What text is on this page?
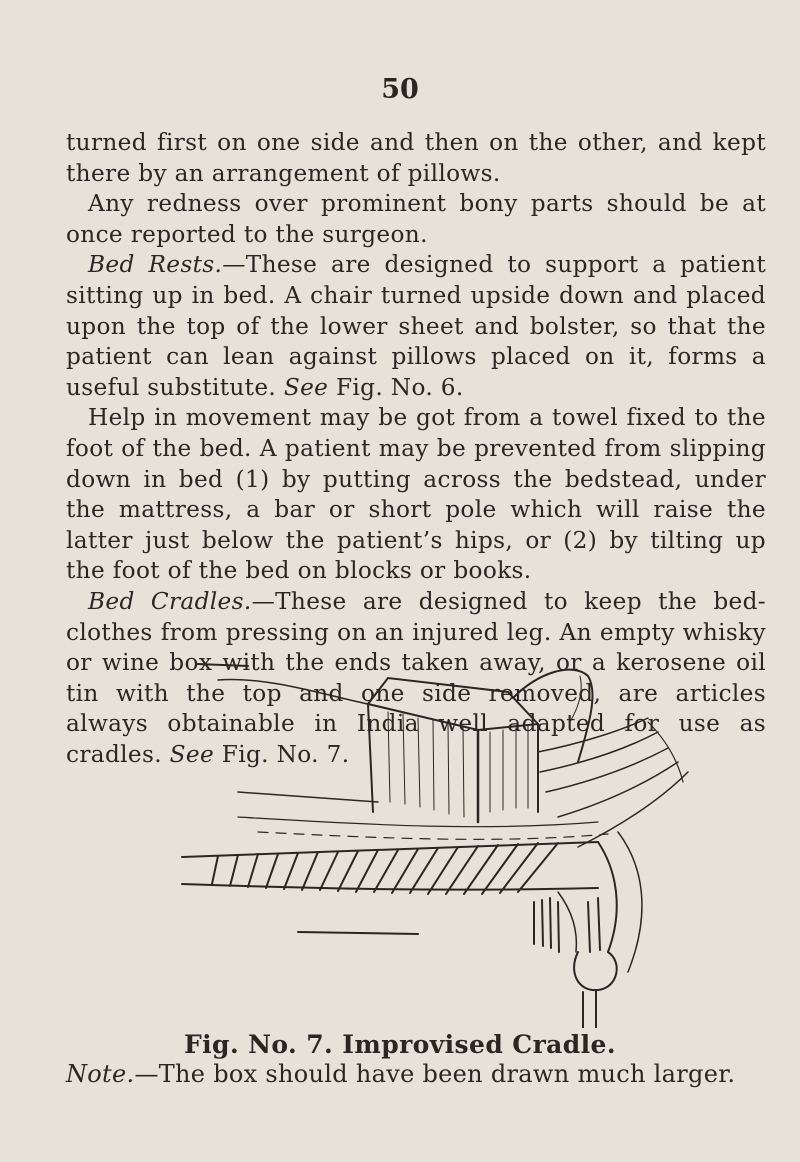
50

turned first on one side and then on the other, and kept there by an arrangement of pillows.

Any redness over prominent bony parts should be at once reported to the surgeon.

Bed Rests.—These are designed to support a patient sitting up in bed. A chair turned upside down and placed upon the top of the lower sheet and bolster, so that the patient can lean against pillows placed on it, forms a useful substitute. See Fig. No. 6.

Help in movement may be got from a towel fixed to the foot of the bed. A patient may be prevented from slipping down in bed (1) by putting across the bedstead, under the mattress, a bar or short pole which will raise the latter just below the patient’s hips, or (2) by tilting up the foot of the bed on blocks or books.

Bed Cradles.—These are designed to keep the bed-clothes from pressing on an injured leg. An empty whisky or wine box with the ends taken away, or a kerosene oil tin with the top and one side removed, are articles always obtainable in India well adapted for use as cradles. See Fig. No. 7.

Fig. No. 7. Improvised Cradle.
Note.—The box should have been drawn much larger.
